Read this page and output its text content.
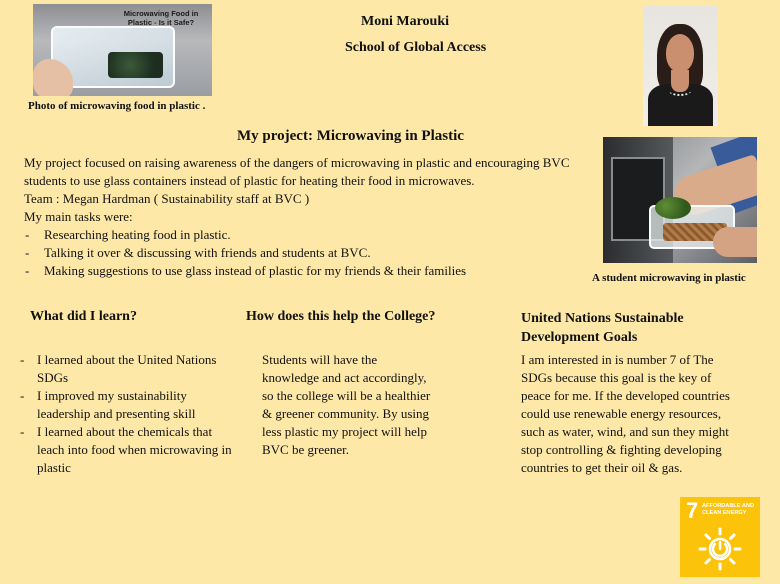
Microwaving Food in Plastic - Is it Safe?
Photo of microwaving food in plastic .
Moni Marouki
School of Global Access
My project: Microwaving in Plastic

My project focused on raising awareness of the dangers of microwaving in plastic and encouraging BVC students to use glass containers instead of plastic for heating their food in microwaves.

Team : Megan Hardman ( Sustainability staff at BVC )

My main tasks were:

- Researching heating food in plastic.
- Talking it over & discussing with friends and students at BVC.
- Making suggestions to use glass instead of plastic for my friends & their families	A student microwaving in plastic
What did I learn?	How does this help the College?	United Nations Sustainable Development Goals
- I learned about the United Nations SDGs
- I improved my sustainability leadership and presenting skill
- I learned about the chemicals that leach into food when microwaving in plastic
Students will have the knowledge and act accordingly, so the college will be a healthier & greener community. By using less plastic my project will help BVC be greener.
I am interested in is number 7 of The SDGs because this goal is the key of peace for me. If the developed countries could use renewable energy resources, such as water, wind, and sun they might stop controlling & fighting developing countries to get their oil & gas.
7 AFFORDABLE AND CLEAN ENERGY
